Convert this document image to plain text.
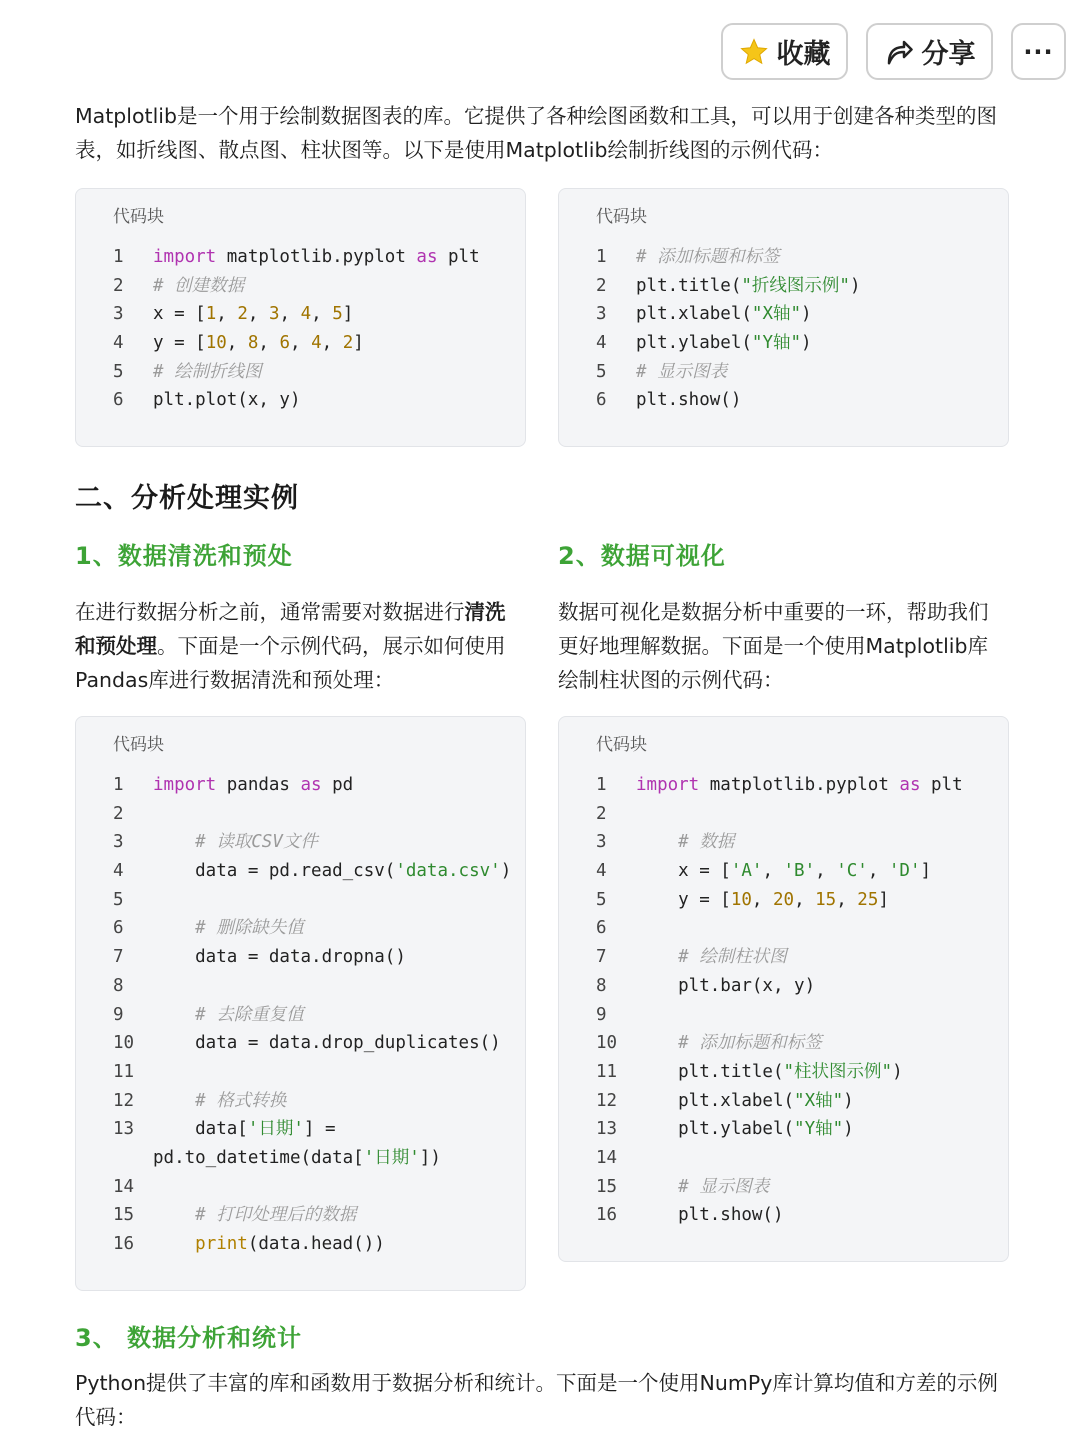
收藏	分享 ···

Matplotlib是一个用于绘制数据图表的库。它提供了各种绘图函数和工具，可以用于创建各种类型的图表，如折线图、散点图、柱状图等。以下是使用Matplotlib绘制折线图的示例代码：

代码块
1	import matplotlib.pyplot as plt
2	# 创建数据
3	x = [1, 2, 3, 4, 5]
4	y = [10, 8, 6, 4, 2]
5	# 绘制折线图
6	plt.plot(x, y)
代码块
1	# 添加标题和标签
2	plt.title("折线图示例")
3	plt.xlabel("X轴")
4	plt.ylabel("Y轴")
5	# 显示图表
6	plt.show()
二、分析处理实例
1、数据清洗和预处

在进行数据分析之前，通常需要对数据进行清洗和预处理。下面是一个示例代码，展示如何使用Pandas库进行数据清洗和预处理：

2、数据可视化

数据可视化是数据分析中重要的一环，帮助我们更好地理解数据。下面是一个使用Matplotlib库绘制柱状图的示例代码：

代码块
1	import pandas as pd
2
3	# 读取CSV文件
4	data = pd.read_csv('data.csv')
5
6	# 删除缺失值
7	data = data.dropna()
8
9	# 去除重复值
10	data = data.drop_duplicates()
11
12	# 格式转换
13	data['日期'] =
pd.to_datetime(data['日期'])
14
15	# 打印处理后的数据
16	print(data.head())
代码块
1	import matplotlib.pyplot as plt
2
3	# 数据
4	x = ['A', 'B', 'C', 'D']
5	y = [10, 20, 15, 25]
6
7	# 绘制柱状图
8	plt.bar(x, y)
9
10	# 添加标题和标签
11	plt.title("柱状图示例")
12	plt.xlabel("X轴")
13	plt.ylabel("Y轴")
14
15	# 显示图表
16	plt.show()
3、 数据分析和统计

Python提供了丰富的库和函数用于数据分析和统计。下面是一个使用NumPy库计算均值和方差的示例代码：
